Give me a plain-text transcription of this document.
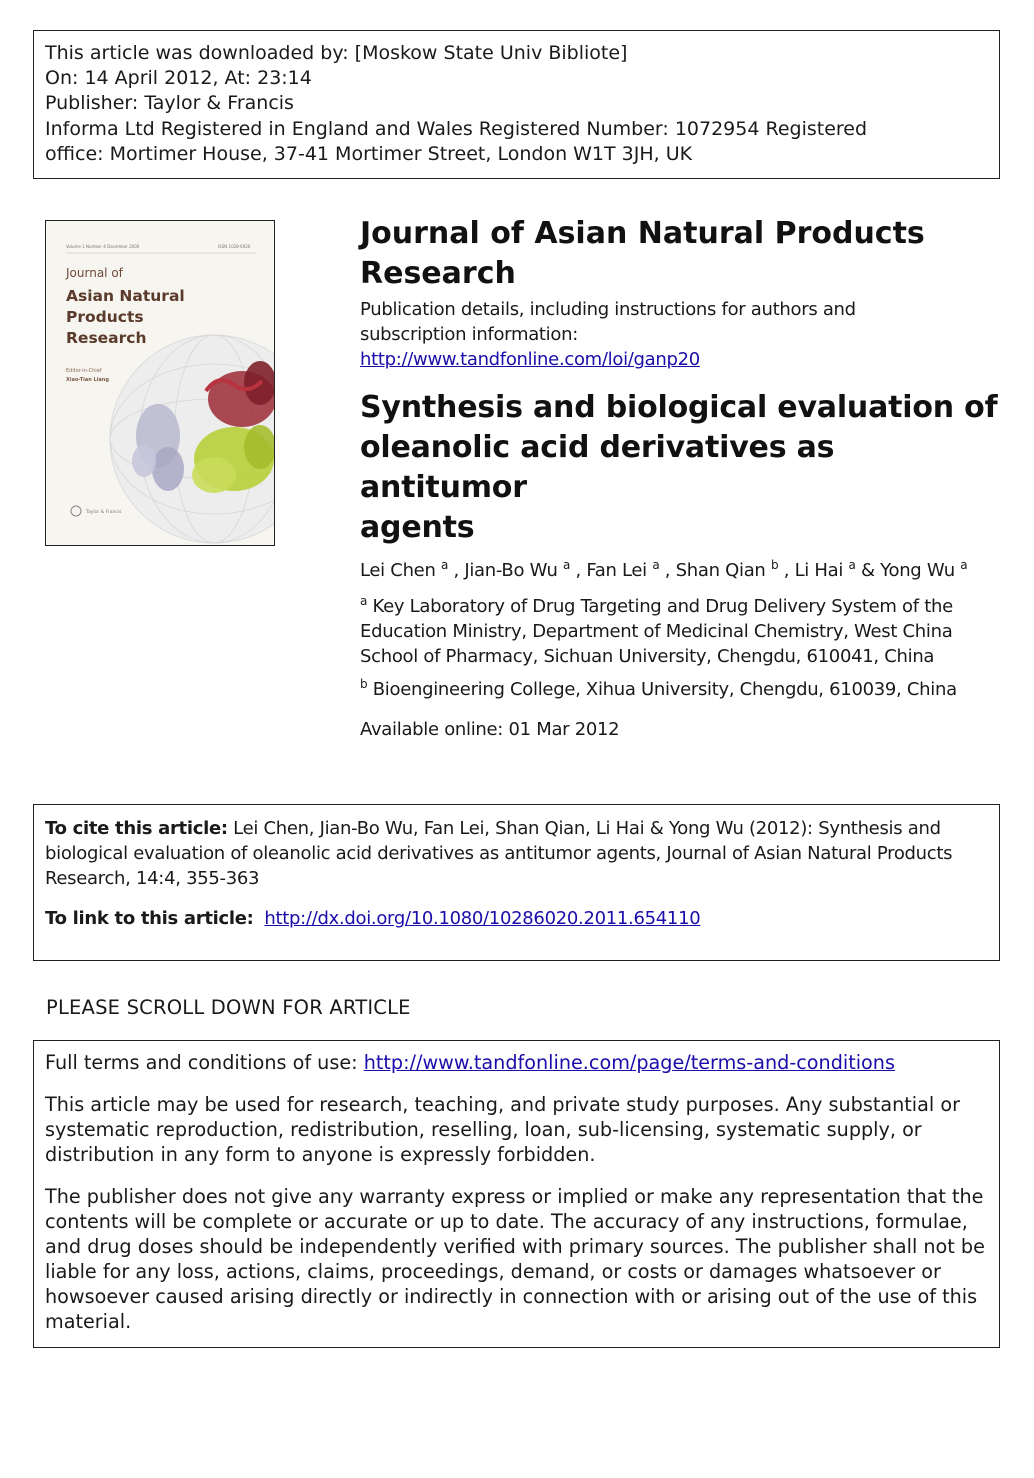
This article was downloaded by: [Moskow State Univ Bibliote]
On: 14 April 2012, At: 23:14
Publisher: Taylor & Francis
Informa Ltd Registered in England and Wales Registered Number: 1072954 Registered
office: Mortimer House, 37-41 Mortimer Street, London W1T 3JH, UK
Volume 1 Number 4 December 2000	ISSN 1028-6020
Journal of
Asian Natural
Products
Research
Editor-in-Chief
Xiao-Tian Liang
Taylor & Francis
Journal of Asian Natural Products
Research
Publication details, including instructions for authors and
subscription information:
http://www.tandfonline.com/loi/ganp20
Synthesis and biological evaluation of
oleanolic acid derivatives as antitumor
agents
Lei Chen $^a$ , Jian-Bo Wu $^a$ , Fan Lei $^a$ , Shan Qian $^b$ , Li Hai $^a$ & Yong Wu $^a$
$^a$ Key Laboratory of Drug Targeting and Drug Delivery System of the Education Ministry, Department of Medicinal Chemistry, West China School of Pharmacy, Sichuan University, Chengdu, 610041, China
$^b$ Bioengineering College, Xihua University, Chengdu, 610039, China
Available online: 01 Mar 2012
To cite this article: Lei Chen, Jian-Bo Wu, Fan Lei, Shan Qian, Li Hai & Yong Wu (2012): Synthesis and biological evaluation of oleanolic acid derivatives as antitumor agents, Journal of Asian Natural Products Research, 14:4, 355-363
To link to this article: http://dx.doi.org/10.1080/10286020.2011.654110
PLEASE SCROLL DOWN FOR ARTICLE

Full terms and conditions of use: http://www.tandfonline.com/page/terms-and-conditions

This article may be used for research, teaching, and private study purposes. Any substantial or systematic reproduction, redistribution, reselling, loan, sub-licensing, systematic supply, or distribution in any form to anyone is expressly forbidden.

The publisher does not give any warranty express or implied or make any representation that the contents will be complete or accurate or up to date. The accuracy of any instructions, formulae, and drug doses should be independently verified with primary sources. The publisher shall not be liable for any loss, actions, claims, proceedings, demand, or costs or damages whatsoever or howsoever caused arising directly or indirectly in connection with or arising out of the use of this material.
